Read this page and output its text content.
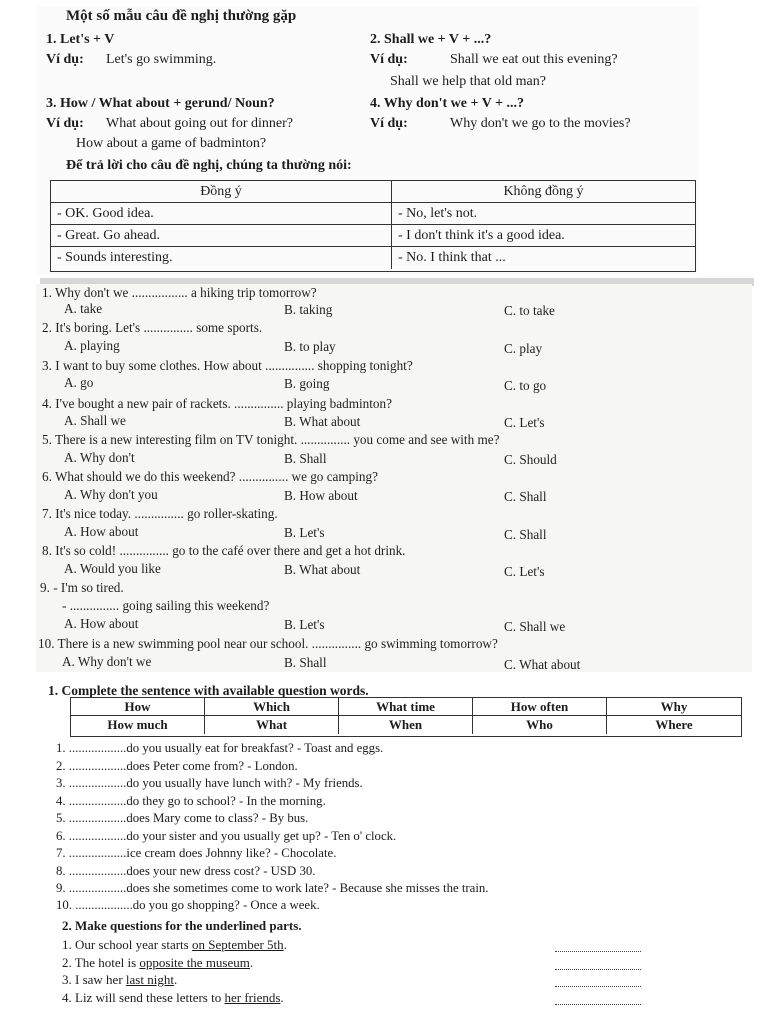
Một số mẫu câu đề nghị thường gặp
1. Let's + V
Ví dụ: Let's go swimming.
2. Shall we + V + ...?
Ví dụ:	Shall we eat out this evening?
Shall we help that old man?
3. How / What about + gerund/ Noun?
Ví dụ: What about going out for dinner?
How about a game of badminton?
4. Why don't we + V + ...?
Ví dụ:	Why don't we go to the movies?
Để trả lời cho câu đề nghị, chúng ta thường nói:
Đồng ý	Không đồng ý
- OK. Good idea.	- No, let's not.
- Great. Go ahead.	- I don't think it's a good idea.
- Sounds interesting.	- No. I think that ...
1. Why don't we ................. a hiking trip tomorrow?
A. take	B. taking	C. to take
2. It's boring. Let's ............... some sports.
A. playing	B. to play	C. play
3. I want to buy some clothes. How about ............... shopping tonight?
A. go	B. going	C. to go
4. I've bought a new pair of rackets. ............... playing badminton?
A. Shall we	B. What about	C. Let's
5. There is a new interesting film on TV tonight. ............... you come and see with me?
A. Why don't	B. Shall	C. Should
6. What should we do this weekend? ............... we go camping?
A. Why don't you	B. How about	C. Shall
7. It's nice today. ............... go roller-skating.
A. How about	B. Let's	C. Shall
8. It's so cold! ............... go to the café over there and get a hot drink.
A. Would you like	B. What about	C. Let's
9. - I'm so tired.
- ............... going sailing this weekend?
A. How about	B. Let's	C. Shall we
10. There is a new swimming pool near our school. ............... go swimming tomorrow?
A. Why don't we	B. Shall	C. What about
1. Complete the sentence with available question words.
How	Which	What time	How often	Why
How much	What	When	Who	Where
1. ..................do you usually eat for breakfast? - Toast and eggs.
2. ..................does Peter come from? - London.
3. ..................do you usually have lunch with? - My friends.
4. ..................do they go to school? - In the morning.
5. ..................does Mary come to class? - By bus.
6. ..................do your sister and you usually get up? - Ten o' clock.
7. ..................ice cream does Johnny like? - Chocolate.
8. ..................does your new dress cost? - USD 30.
9. ..................does she sometimes come to work late? - Because she misses the train.
10. ..................do you go shopping? - Once a week.
2. Make questions for the underlined parts.
1. Our school year starts on September 5th.
2. The hotel is opposite the museum.
3. I saw her last night.
4. Liz will send these letters to her friends.
